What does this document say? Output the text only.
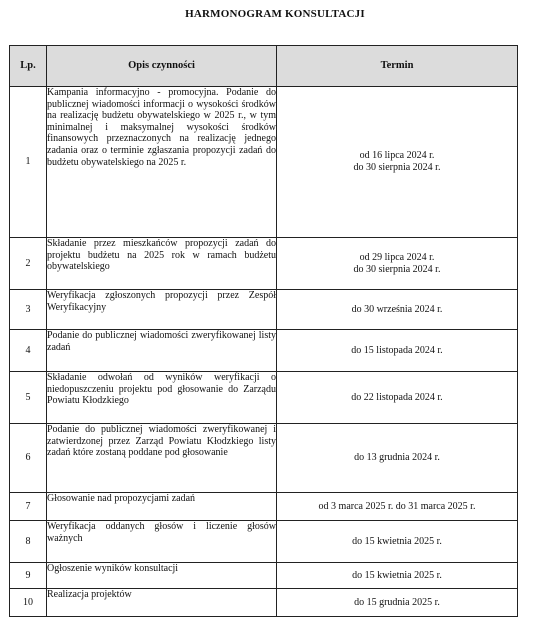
HARMONOGRAM KONSULTACJI
Lp.	Opis czynności	Termin
1	Kampania informacyjno - promocyjna. Podanie do publicznej wiadomości informacji o wysokości środków na realizację budżetu obywatelskiego w 2025 r., w tym minimalnej i maksymalnej wysokości środków finansowych przeznaczonych na realizację jednego zadania oraz o terminie zgłaszania propozycji zadań do budżetu obywatelskiego na 2025 r.	od 16 lipca 2024 r.
do 30 sierpnia 2024 r.

2	Składanie przez mieszkańców propozycji zadań do projektu budżetu na 2025 rok w ramach budżetu obywatelskiego	od 29 lipca 2024 r.
do 30 sierpnia 2024 r.

3	Weryfikacja zgłoszonych propozycji przez Zespół Weryfikacyjny	do 30 września 2024 r.

4	Podanie do publicznej wiadomości zweryfikowanej listy zadań	do 15 listopada 2024 r.

5	Składanie odwołań od wyników weryfikacji o niedopuszczeniu projektu pod głosowanie do Zarządu Powiatu Kłodzkiego	do 22 listopada 2024 r.

6	Podanie do publicznej wiadomości zweryfikowanej i zatwierdzonej przez Zarząd Powiatu Kłodzkiego listy zadań które zostaną poddane pod głosowanie	do 13 grudnia 2024 r.

7	Głosowanie nad propozycjami zadań	od 3 marca 2025 r. do 31 marca 2025 r.

8	Weryfikacja oddanych głosów i liczenie głosów ważnych	do 15 kwietnia 2025 r.

9	Ogłoszenie wyników konsultacji	do 15 kwietnia 2025 r.

10	Realizacja projektów	do 15 grudnia 2025 r.
